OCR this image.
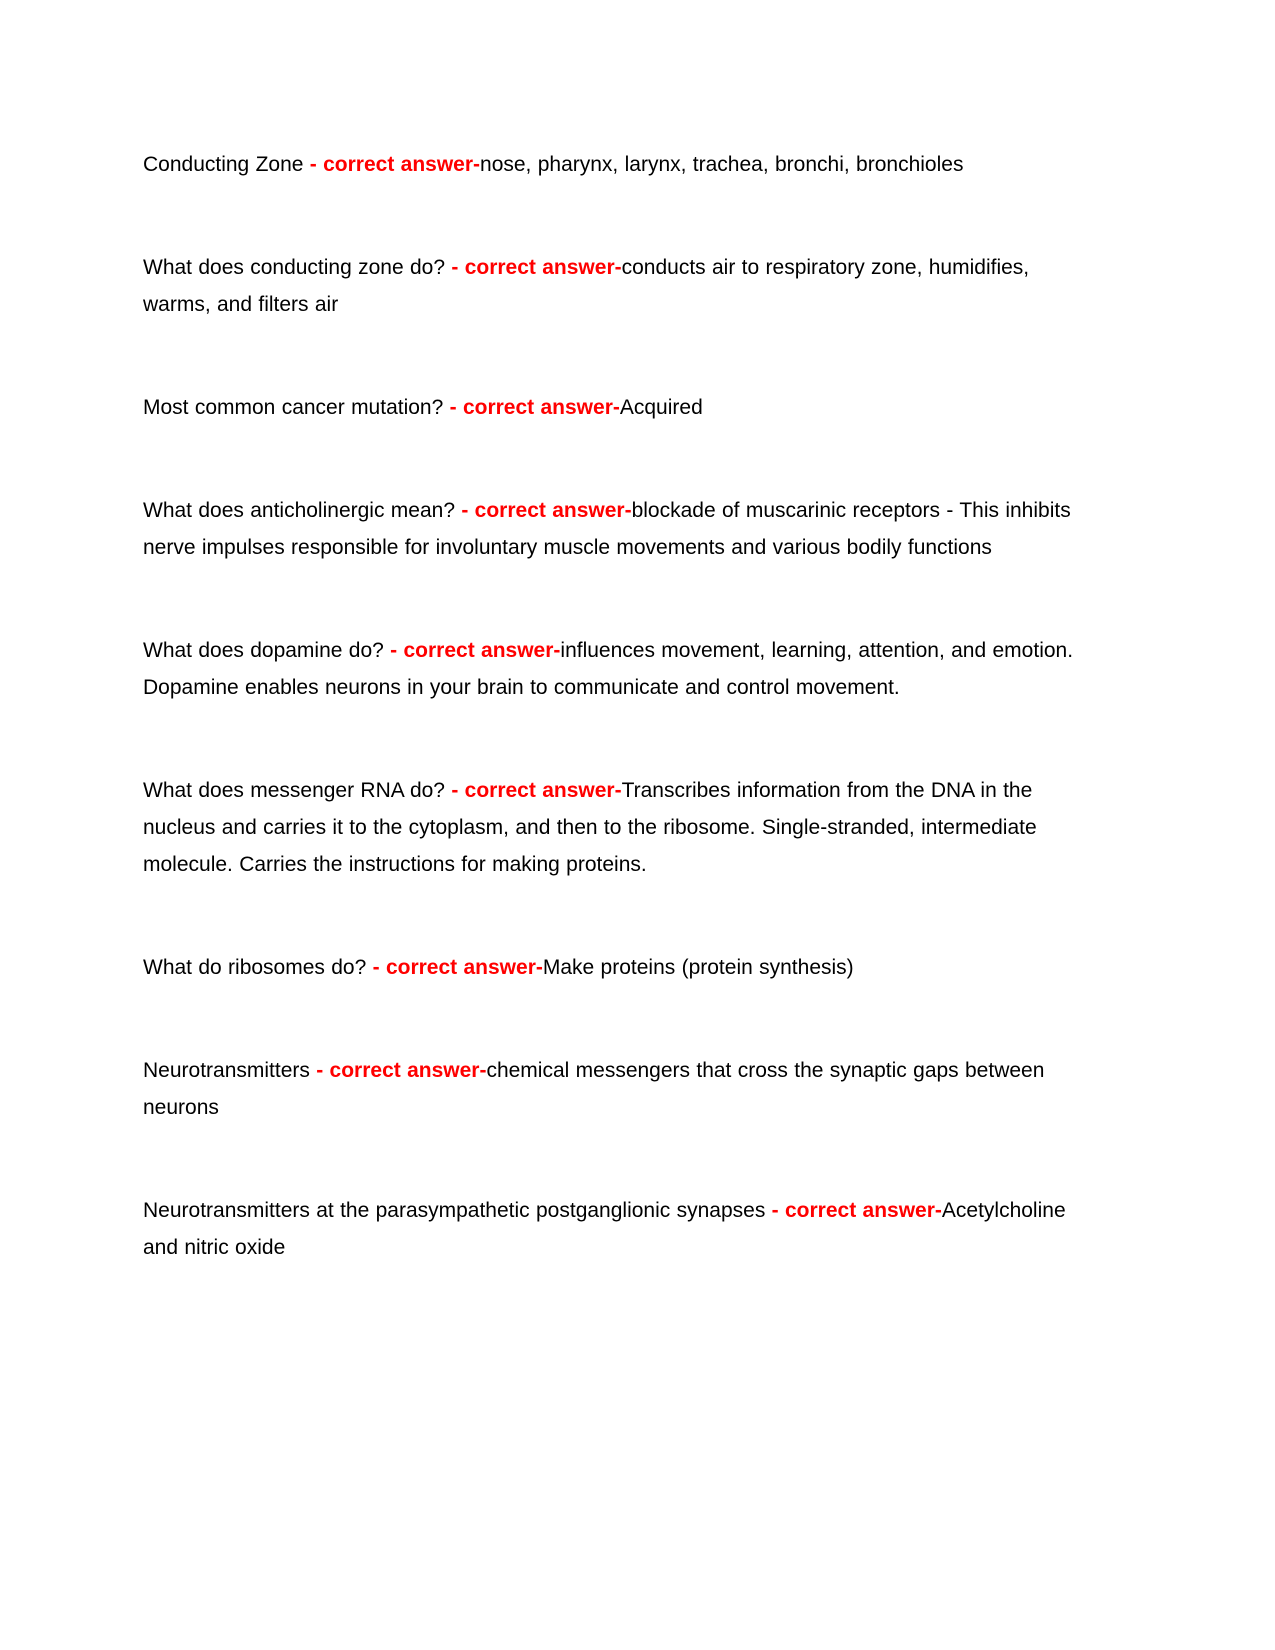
Conducting Zone - correct answer-nose, pharynx, larynx, trachea, bronchi, bronchioles

What does conducting zone do? - correct answer-conducts air to respiratory zone, humidifies, warms, and filters air

Most common cancer mutation? - correct answer-Acquired

What does anticholinergic mean? - correct answer-blockade of muscarinic receptors - This inhibits nerve impulses responsible for involuntary muscle movements and various bodily functions

What does dopamine do? - correct answer-influences movement, learning, attention, and emotion. Dopamine enables neurons in your brain to communicate and control movement.

What does messenger RNA do? - correct answer-Transcribes information from the DNA in the nucleus and carries it to the cytoplasm, and then to the ribosome. Single-stranded, intermediate molecule. Carries the instructions for making proteins.

What do ribosomes do? - correct answer-Make proteins (protein synthesis)

Neurotransmitters - correct answer-chemical messengers that cross the synaptic gaps between neurons

Neurotransmitters at the parasympathetic postganglionic synapses - correct answer-Acetylcholine and nitric oxide
